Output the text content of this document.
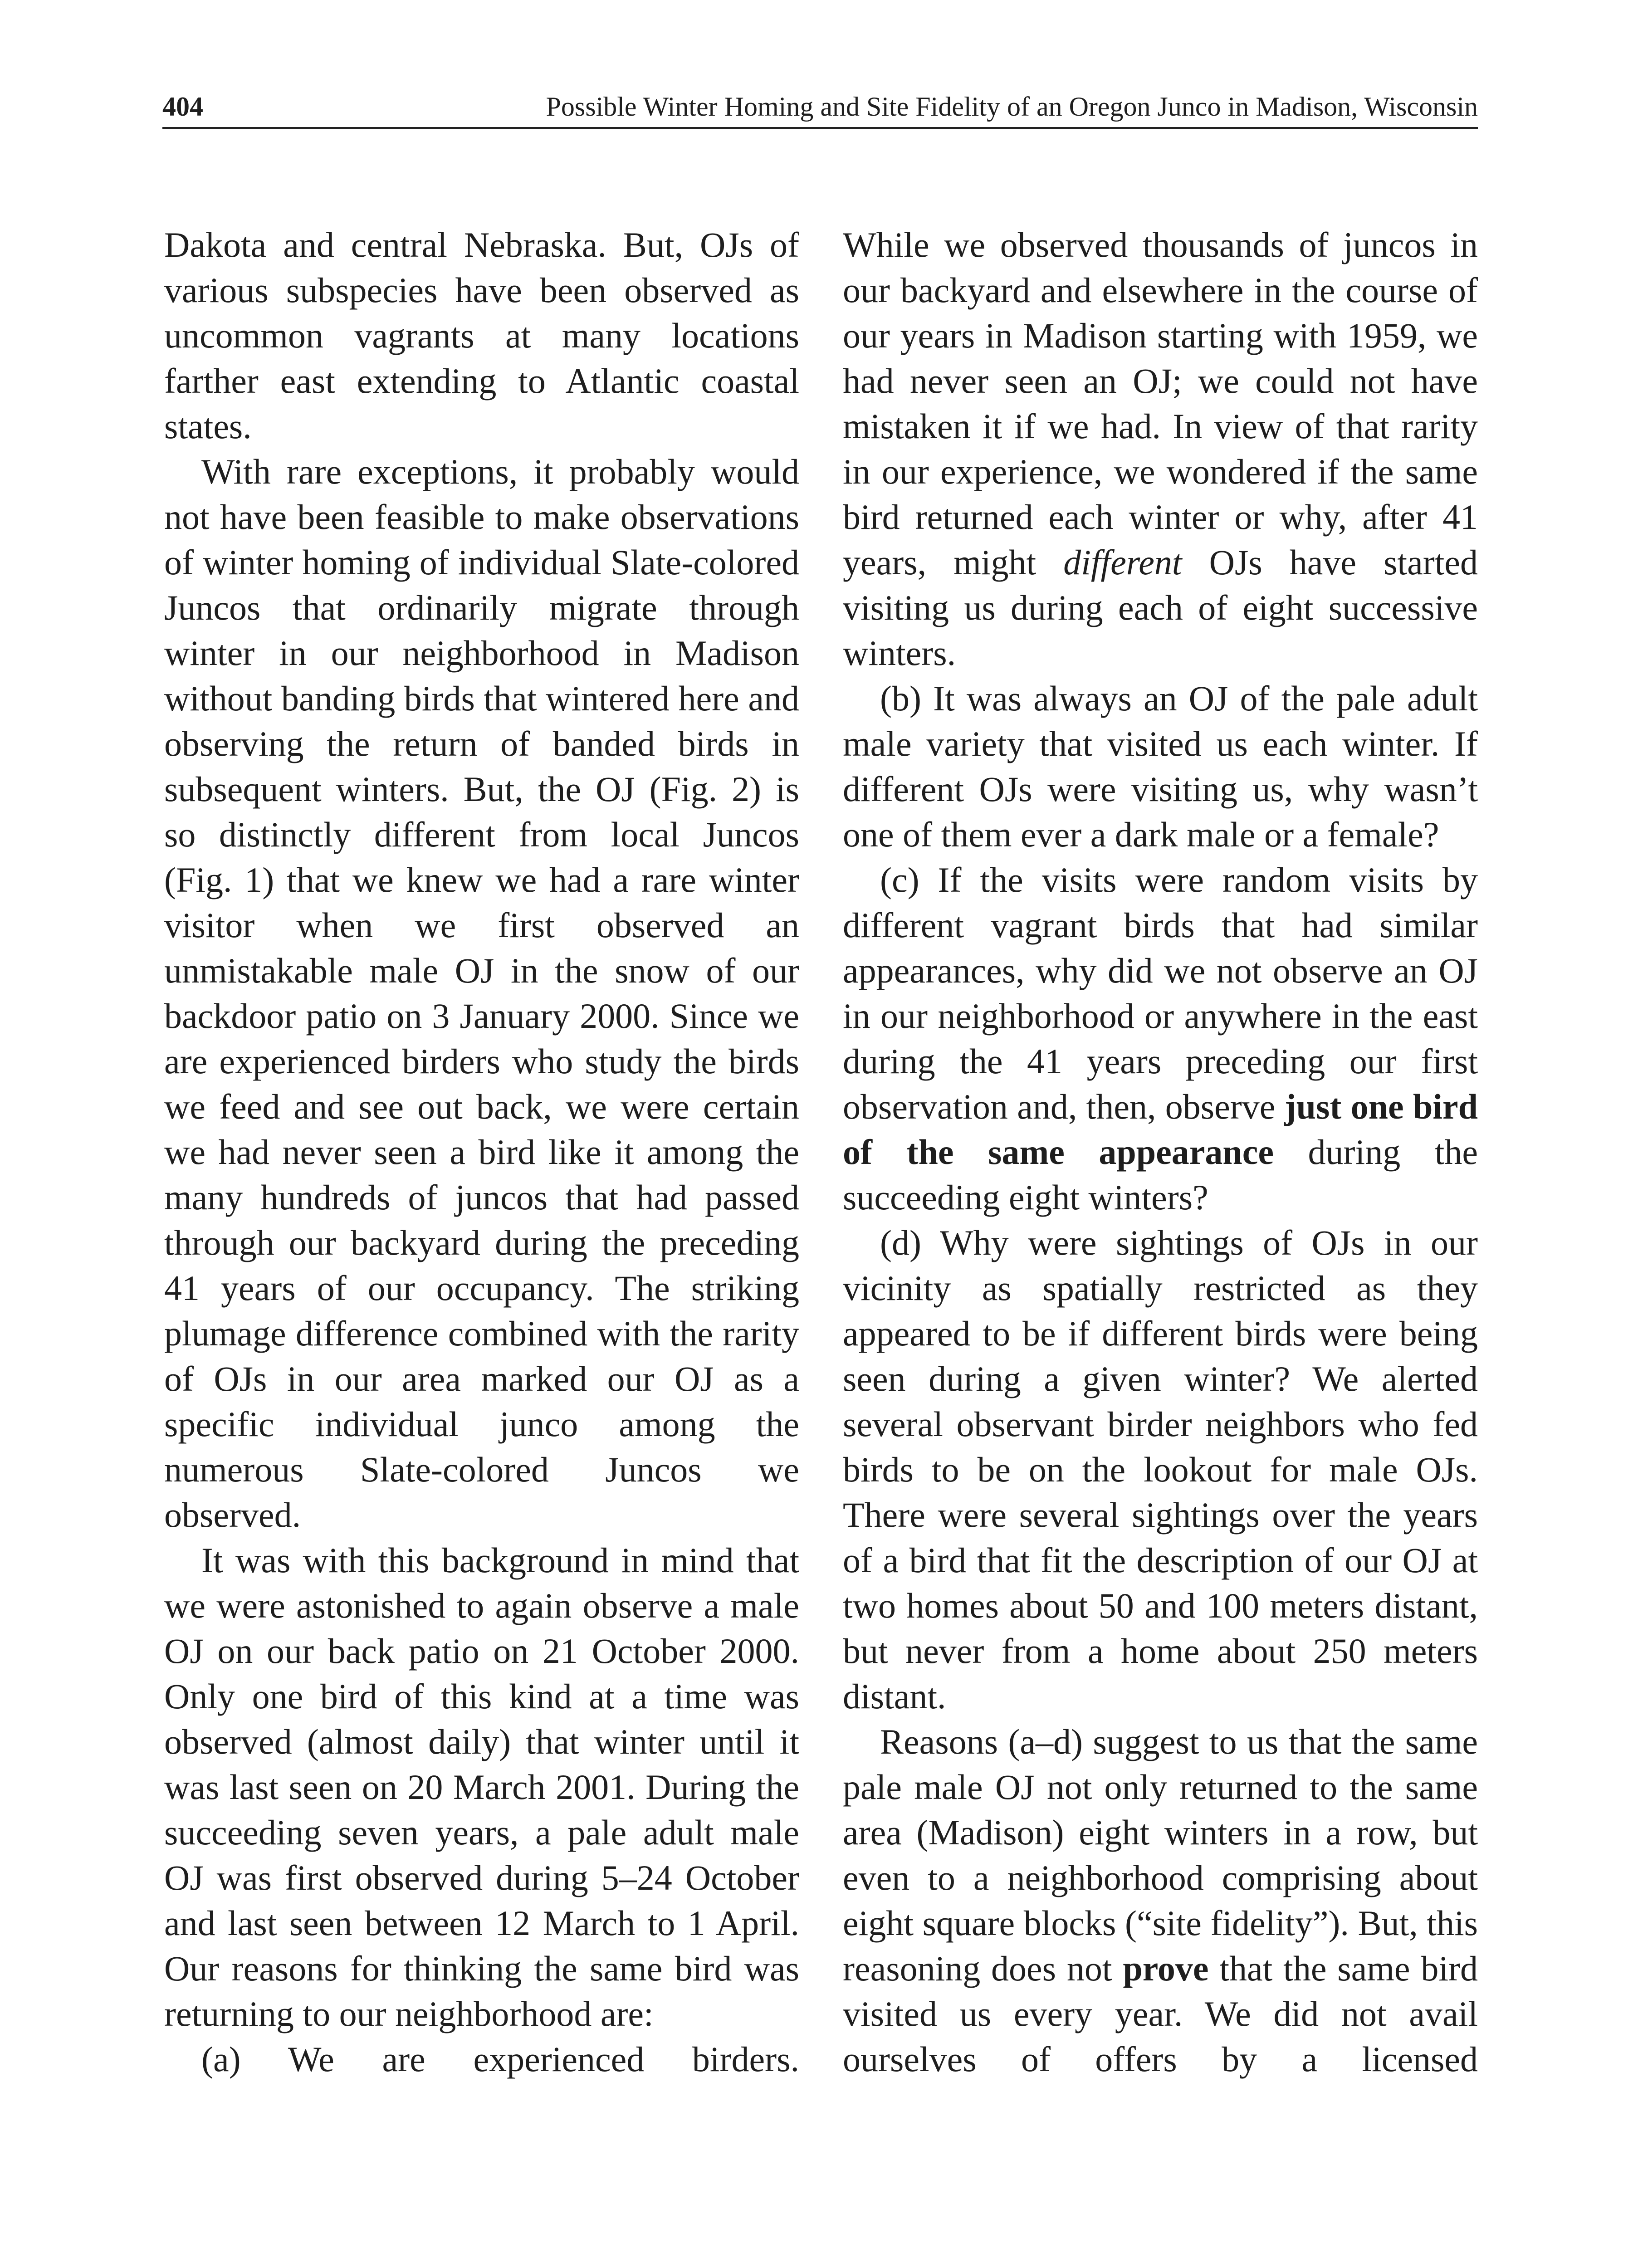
404	Possible Winter Homing and Site Fidelity of an Oregon Junco in Madison, Wisconsin

Dakota and central Nebraska. But, OJs of various subspecies have been observed as uncommon vagrants at many locations farther east extending to Atlantic coastal states.

With rare exceptions, it probably would not have been feasible to make observations of winter homing of individual Slate-colored Juncos that ordinarily migrate through winter in our neighborhood in Madison without banding birds that wintered here and observing the return of banded birds in subsequent winters. But, the OJ (Fig. 2) is so distinctly different from local Juncos (Fig. 1) that we knew we had a rare winter visitor when we first observed an unmistakable male OJ in the snow of our backdoor patio on 3 January 2000. Since we are experienced birders who study the birds we feed and see out back, we were certain we had never seen a bird like it among the many hundreds of juncos that had passed through our backyard during the preceding 41 years of our occupancy. The striking plumage difference combined with the rarity of OJs in our area marked our OJ as a specific individual junco among the numerous Slate-colored Juncos we observed.

It was with this background in mind that we were astonished to again observe a male OJ on our back patio on 21 October 2000. Only one bird of this kind at a time was observed (almost daily) that winter until it was last seen on 20 March 2001. During the succeeding seven years, a pale adult male OJ was first observed during 5–24 October and last seen between 12 March to 1 April. Our reasons for thinking the same bird was returning to our neighborhood are:

(a) We are experienced birders.

While we observed thousands of juncos in our backyard and elsewhere in the course of our years in Madison starting with 1959, we had never seen an OJ; we could not have mistaken it if we had. In view of that rarity in our experience, we wondered if the same bird returned each winter or why, after 41 years, might different OJs have started visiting us during each of eight successive winters.

(b) It was always an OJ of the pale adult male variety that visited us each winter. If different OJs were visiting us, why wasn’t one of them ever a dark male or a female?

(c) If the visits were random visits by different vagrant birds that had similar appearances, why did we not observe an OJ in our neighborhood or anywhere in the east during the 41 years preceding our first observation and, then, observe just one bird of the same appearance during the succeeding eight winters?

(d) Why were sightings of OJs in our vicinity as spatially restricted as they appeared to be if different birds were being seen during a given winter? We alerted several observant birder neighbors who fed birds to be on the lookout for male OJs. There were several sightings over the years of a bird that fit the description of our OJ at two homes about 50 and 100 meters distant, but never from a home about 250 meters distant.

Reasons (a–d) suggest to us that the same pale male OJ not only returned to the same area (Madison) eight winters in a row, but even to a neighborhood comprising about eight square blocks (“site fidelity”). But, this reasoning does not prove that the same bird visited us every year. We did not avail ourselves of offers by a licensed
